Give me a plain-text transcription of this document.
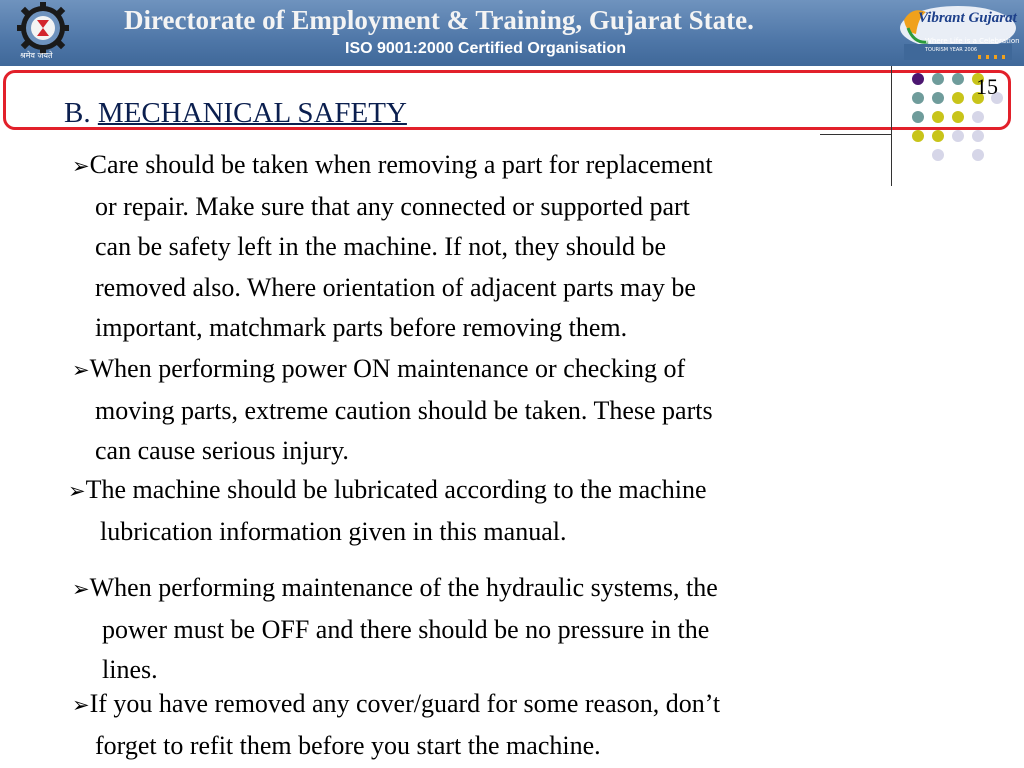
श्रमेव जयते
Directorate of Employment & Training, Gujarat State.
ISO 9001:2000 Certified Organisation
Vibrant Gujarat
Where Life is a Celebration
TOURISM YEAR 2006
15
B. MECHANICAL SAFETY
➢Care should be taken when removing a part for replacement
or repair. Make sure that any connected or supported part
can be safety left in the machine. If not, they should be
removed also. Where orientation of adjacent parts may be
important, matchmark parts before removing them.
➢When performing power ON maintenance or checking of
moving parts, extreme caution should be taken. These parts
can cause serious injury.
➢The machine should be lubricated according to the machine
lubrication information given in this manual.
➢When performing maintenance of the hydraulic systems, the
power must be OFF and there should be no pressure in the
lines.
➢If you have removed any cover/guard for some reason, don’t
forget to refit them before you start the machine.
